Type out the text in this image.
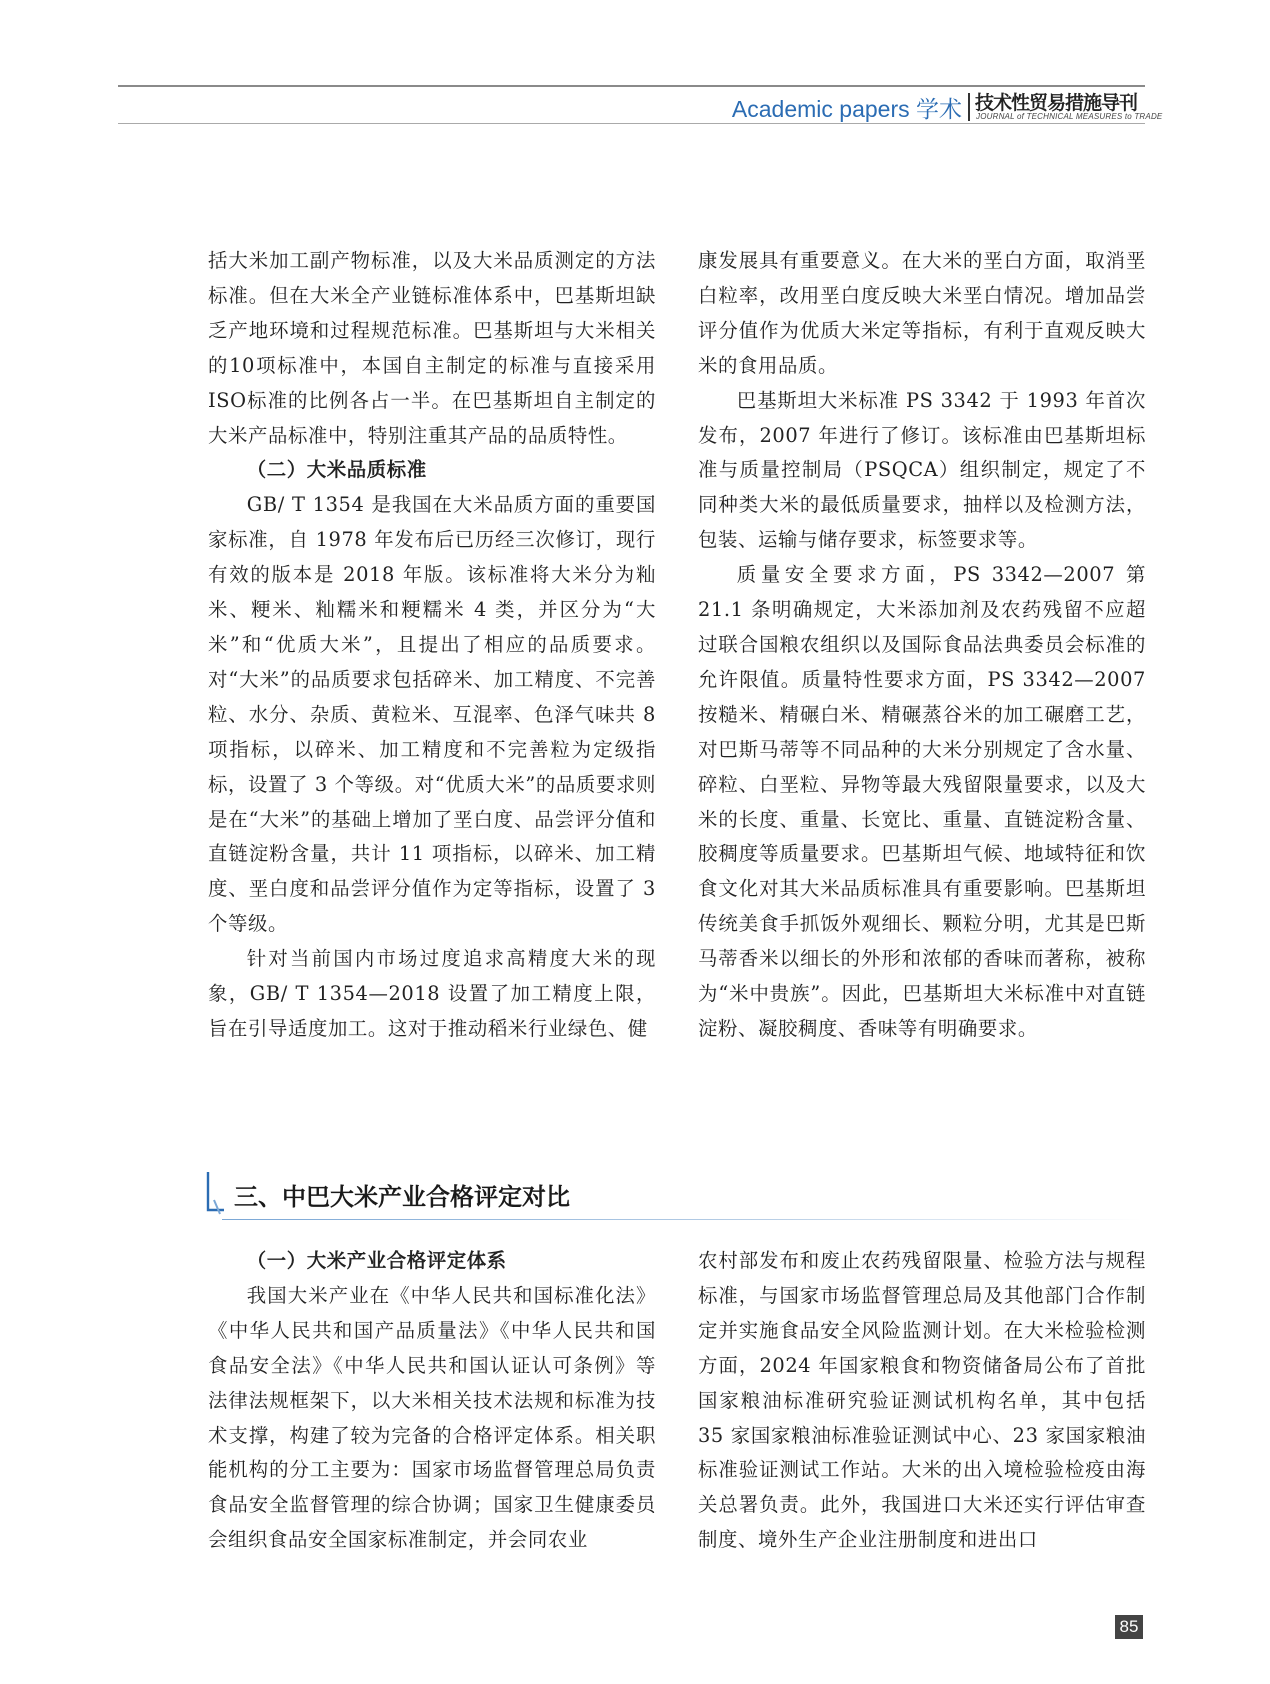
Academic papers 学术 技术性贸易措施导刊
JOURNAL of TECHNICAL MEASURES to TRADE

括大米加工副产物标准，以及大米品质测定的方法标准。但在大米全产业链标准体系中，巴基斯坦缺乏产地环境和过程规范标准。巴基斯坦与大米相关的10项标准中，本国自主制定的标准与直接采用ISO标准的比例各占一半。在巴基斯坦自主制定的大米产品标准中，特别注重其产品的品质特性。

（二）大米品质标准

GB/ T 1354 是我国在大米品质方面的重要国家标准，自 1978 年发布后已历经三次修订，现行有效的版本是 2018 年版。该标准将大米分为籼米、粳米、籼糯米和粳糯米 4 类，并区分为“大米”和“优质大米”，且提出了相应的品质要求。对“大米”的品质要求包括碎米、加工精度、不完善粒、水分、杂质、黄粒米、互混率、色泽气味共 8 项指标，以碎米、加工精度和不完善粒为定级指标，设置了 3 个等级。对“优质大米”的品质要求则是在“大米”的基础上增加了垩白度、品尝评分值和直链淀粉含量，共计 11 项指标，以碎米、加工精度、垩白度和品尝评分值作为定等指标，设置了 3 个等级。

针对当前国内市场过度追求高精度大米的现象，GB/ T 1354—2018 设置了加工精度上限，旨在引导适度加工。这对于推动稻米行业绿色、健

康发展具有重要意义。在大米的垩白方面，取消垩白粒率，改用垩白度反映大米垩白情况。增加品尝评分值作为优质大米定等指标，有利于直观反映大米的食用品质。

巴基斯坦大米标准 PS 3342 于 1993 年首次发布，2007 年进行了修订。该标准由巴基斯坦标准与质量控制局（PSQCA）组织制定，规定了不同种类大米的最低质量要求，抽样以及检测方法，包装、运输与储存要求，标签要求等。

质量安全要求方面，PS 3342—2007 第 21.1 条明确规定，大米添加剂及农药残留不应超过联合国粮农组织以及国际食品法典委员会标准的允许限值。质量特性要求方面，PS 3342—2007 按糙米、精碾白米、精碾蒸谷米的加工碾磨工艺，对巴斯马蒂等不同品种的大米分别规定了含水量、碎粒、白垩粒、异物等最大残留限量要求，以及大米的长度、重量、长宽比、重量、直链淀粉含量、胶稠度等质量要求。巴基斯坦气候、地域特征和饮食文化对其大米品质标准具有重要影响。巴基斯坦传统美食手抓饭外观细长、颗粒分明，尤其是巴斯马蒂香米以细长的外形和浓郁的香味而著称，被称为“米中贵族”。因此，巴基斯坦大米标准中对直链淀粉、凝胶稠度、香味等有明确要求。

三、中巴大米产业合格评定对比
（一）大米产业合格评定体系

我国大米产业在《中华人民共和国标准化法》《中华人民共和国产品质量法》《中华人民共和国食品安全法》《中华人民共和国认证认可条例》等法律法规框架下，以大米相关技术法规和标准为技术支撑，构建了较为完备的合格评定体系。相关职能机构的分工主要为：国家市场监督管理总局负责食品安全监督管理的综合协调；国家卫生健康委员会组织食品安全国家标准制定，并会同农业

农村部发布和废止农药残留限量、检验方法与规程标准，与国家市场监督管理总局及其他部门合作制定并实施食品安全风险监测计划。在大米检验检测方面，2024 年国家粮食和物资储备局公布了首批国家粮油标准研究验证测试机构名单，其中包括 35 家国家粮油标准验证测试中心、23 家国家粮油标准验证测试工作站。大米的出入境检验检疫由海关总署负责。此外，我国进口大米还实行评估审查制度、境外生产企业注册制度和进出口

85
